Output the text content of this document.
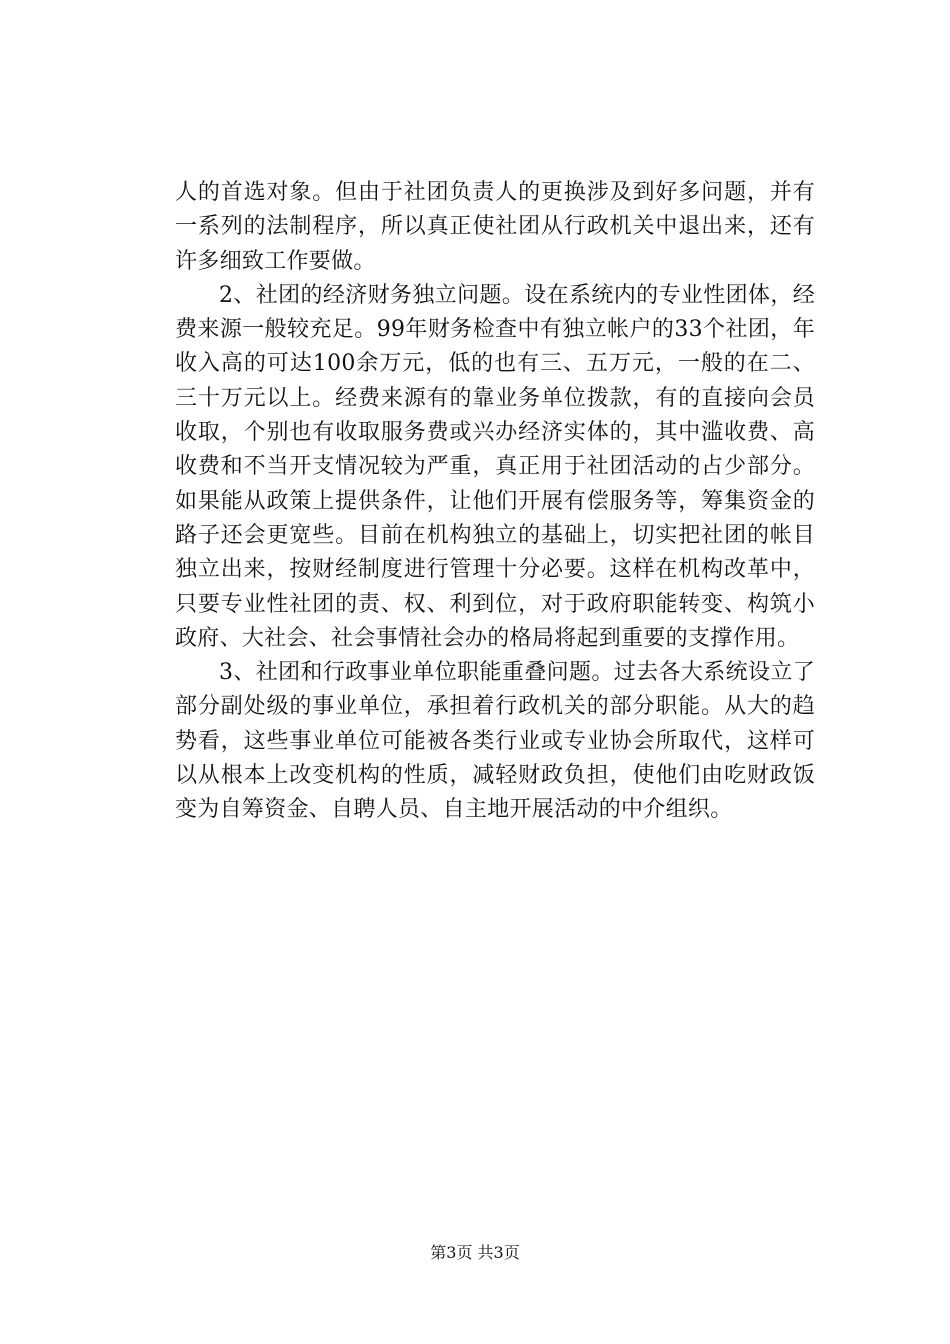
人的首选对象。但由于社团负责人的更换涉及到好多问题，并有一系列的法制程序，所以真正使社团从行政机关中退出来，还有许多细致工作要做。

2、社团的经济财务独立问题。设在系统内的专业性团体，经费来源一般较充足。99年财务检查中有独立帐户的33个社团，年收入高的可达100余万元，低的也有三、五万元，一般的在二、三十万元以上。经费来源有的靠业务单位拨款，有的直接向会员收取，个别也有收取服务费或兴办经济实体的，其中滥收费、高收费和不当开支情况较为严重，真正用于社团活动的占少部分。如果能从政策上提供条件，让他们开展有偿服务等，筹集资金的路子还会更宽些。目前在机构独立的基础上，切实把社团的帐目独立出来，按财经制度进行管理十分必要。这样在机构改革中，只要专业性社团的责、权、利到位，对于政府职能转变、构筑小政府、大社会、社会事情社会办的格局将起到重要的支撑作用。

3、社团和行政事业单位职能重叠问题。过去各大系统设立了部分副处级的事业单位，承担着行政机关的部分职能。从大的趋势看，这些事业单位可能被各类行业或专业协会所取代，这样可以从根本上改变机构的性质，减轻财政负担，使他们由吃财政饭变为自筹资金、自聘人员、自主地开展活动的中介组织。

第3页 共3页
